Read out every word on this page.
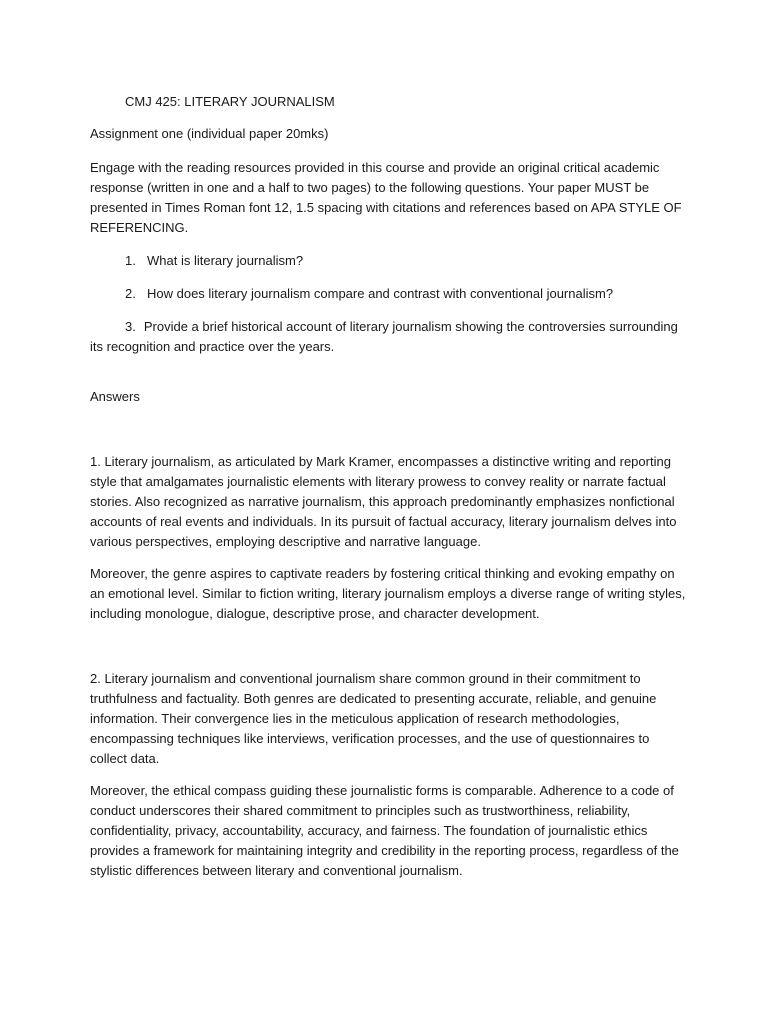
CMJ 425: LITERARY JOURNALISM

Assignment one (individual paper 20mks)

Engage with the reading resources provided in this course and provide an original critical academic response (written in one and a half to two pages) to the following questions. Your paper MUST be presented in Times Roman font 12, 1.5 spacing with citations and references based on APA STYLE OF REFERENCING.

1. What is literary journalism?

2. How does literary journalism compare and contrast with conventional journalism?

3. Provide a brief historical account of literary journalism showing the controversies surrounding its recognition and practice over the years.

Answers

1. Literary journalism, as articulated by Mark Kramer, encompasses a distinctive writing and reporting style that amalgamates journalistic elements with literary prowess to convey reality or narrate factual stories. Also recognized as narrative journalism, this approach predominantly emphasizes nonfictional accounts of real events and individuals. In its pursuit of factual accuracy, literary journalism delves into various perspectives, employing descriptive and narrative language.

Moreover, the genre aspires to captivate readers by fostering critical thinking and evoking empathy on an emotional level. Similar to fiction writing, literary journalism employs a diverse range of writing styles, including monologue, dialogue, descriptive prose, and character development.

2. Literary journalism and conventional journalism share common ground in their commitment to truthfulness and factuality. Both genres are dedicated to presenting accurate, reliable, and genuine information. Their convergence lies in the meticulous application of research methodologies, encompassing techniques like interviews, verification processes, and the use of questionnaires to collect data.

Moreover, the ethical compass guiding these journalistic forms is comparable. Adherence to a code of conduct underscores their shared commitment to principles such as trustworthiness, reliability, confidentiality, privacy, accountability, accuracy, and fairness. The foundation of journalistic ethics provides a framework for maintaining integrity and credibility in the reporting process, regardless of the stylistic differences between literary and conventional journalism.
